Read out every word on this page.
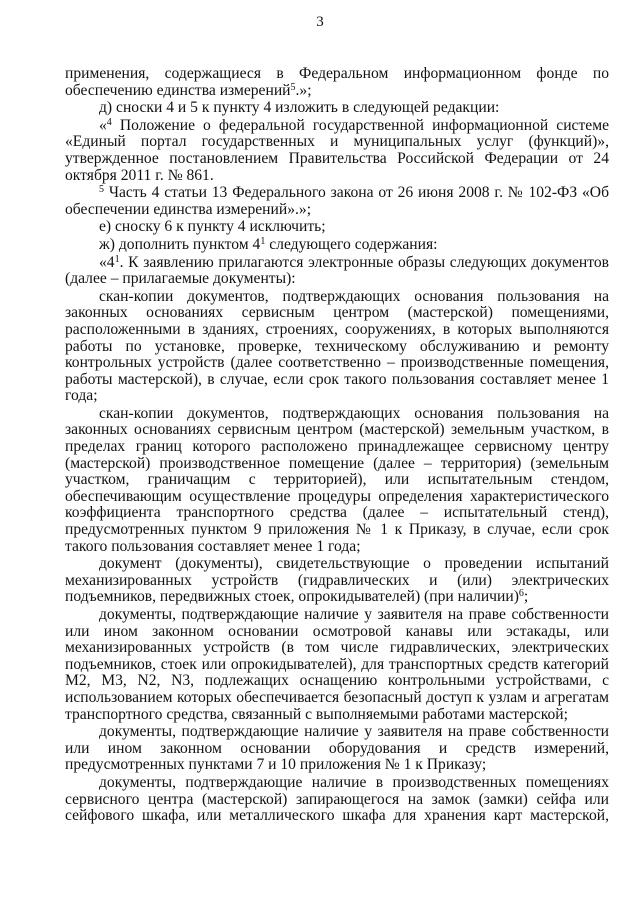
3

применения, содержащиеся в Федеральном информационном фонде по обеспечению единства измерений$^5$.»;

д) сноски 4 и 5 к пункту 4 изложить в следующей редакции:

«$^4$ Положение о федеральной государственной информационной системе «Единый портал государственных и муниципальных услуг (функций)», утвержденное постановлением Правительства Российской Федерации от 24 октября 2011 г. № 861.

$^5$ Часть 4 статьи 13 Федерального закона от 26 июня 2008 г. № 102-ФЗ «Об обеспечении единства измерений».»;

е) сноску 6 к пункту 4 исключить;

ж) дополнить пунктом $4^1$ следующего содержания:

«$4^1$. К заявлению прилагаются электронные образы следующих документов (далее – прилагаемые документы):

скан-копии документов, подтверждающих основания пользования на законных основаниях сервисным центром (мастерской) помещениями, расположенными в зданиях, строениях, сооружениях, в которых выполняются работы по установке, проверке, техническому обслуживанию и ремонту контрольных устройств (далее соответственно – производственные помещения, работы мастерской), в случае, если срок такого пользования составляет менее 1 года;

скан-копии документов, подтверждающих основания пользования на законных основаниях сервисным центром (мастерской) земельным участком, в пределах границ которого расположено принадлежащее сервисному центру (мастерской) производственное помещение (далее – территория) (земельным участком, граничащим с территорией), или испытательным стендом, обеспечивающим осуществление процедуры определения характеристического коэффициента транспортного средства (далее – испытательный стенд), предусмотренных пунктом 9 приложения № 1 к Приказу, в случае, если срок такого пользования составляет менее 1 года;

документ (документы), свидетельствующие о проведении испытаний механизированных устройств (гидравлических и (или) электрических подъемников, передвижных стоек, опрокидывателей) (при наличии)$^6$;

документы, подтверждающие наличие у заявителя на праве собственности или ином законном основании осмотровой канавы или эстакады, или механизированных устройств (в том числе гидравлических, электрических подъемников, стоек или опрокидывателей), для транспортных средств категорий М2, М3, N2, N3, подлежащих оснащению контрольными устройствами, с использованием которых обеспечивается безопасный доступ к узлам и агрегатам транспортного средства, связанный с выполняемыми работами мастерской;

документы, подтверждающие наличие у заявителя на праве собственности или ином законном основании оборудования и средств измерений, предусмотренных пунктами 7 и 10 приложения № 1 к Приказу;

документы, подтверждающие наличие в производственных помещениях сервисного центра (мастерской) запирающегося на замок (замки) сейфа или сейфового шкафа, или металлического шкафа для хранения карт мастерской,
